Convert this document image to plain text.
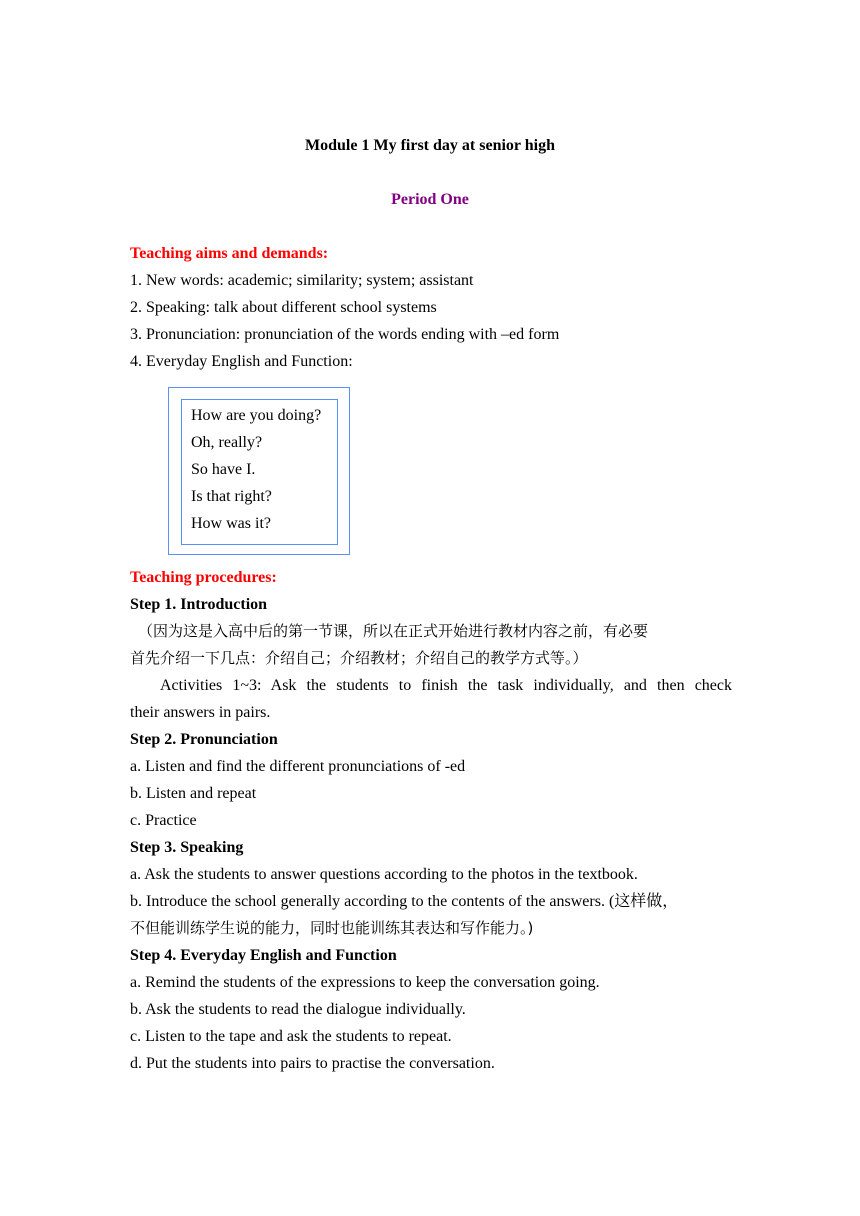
Module 1 My first day at senior high
Period One
Teaching aims and demands:
1. New words: academic; similarity; system; assistant
2. Speaking: talk about different school systems
3. Pronunciation: pronunciation of the words ending with –ed form
4. Everyday English and Function:
How are you doing?
Oh, really?
So have I.
Is that right?
How was it?
Teaching procedures:
Step 1. Introduction
（因为这是入高中后的第一节课，所以在正式开始进行教材内容之前，有必要
首先介绍一下几点：介绍自己；介绍教材；介绍自己的教学方式等。）
Activities 1~3: Ask the students to finish the task individually, and then check
their answers in pairs.
Step 2. Pronunciation
a. Listen and find the different pronunciations of -ed
b. Listen and repeat
c. Practice
Step 3. Speaking
a. Ask the students to answer questions according to the photos in the textbook.
b. Introduce the school generally according to the contents of the answers. (这样做，
不但能训练学生说的能力，同时也能训练其表达和写作能力。)
Step 4. Everyday English and Function
a. Remind the students of the expressions to keep the conversation going.
b. Ask the students to read the dialogue individually.
c. Listen to the tape and ask the students to repeat.
d. Put the students into pairs to practise the conversation.
